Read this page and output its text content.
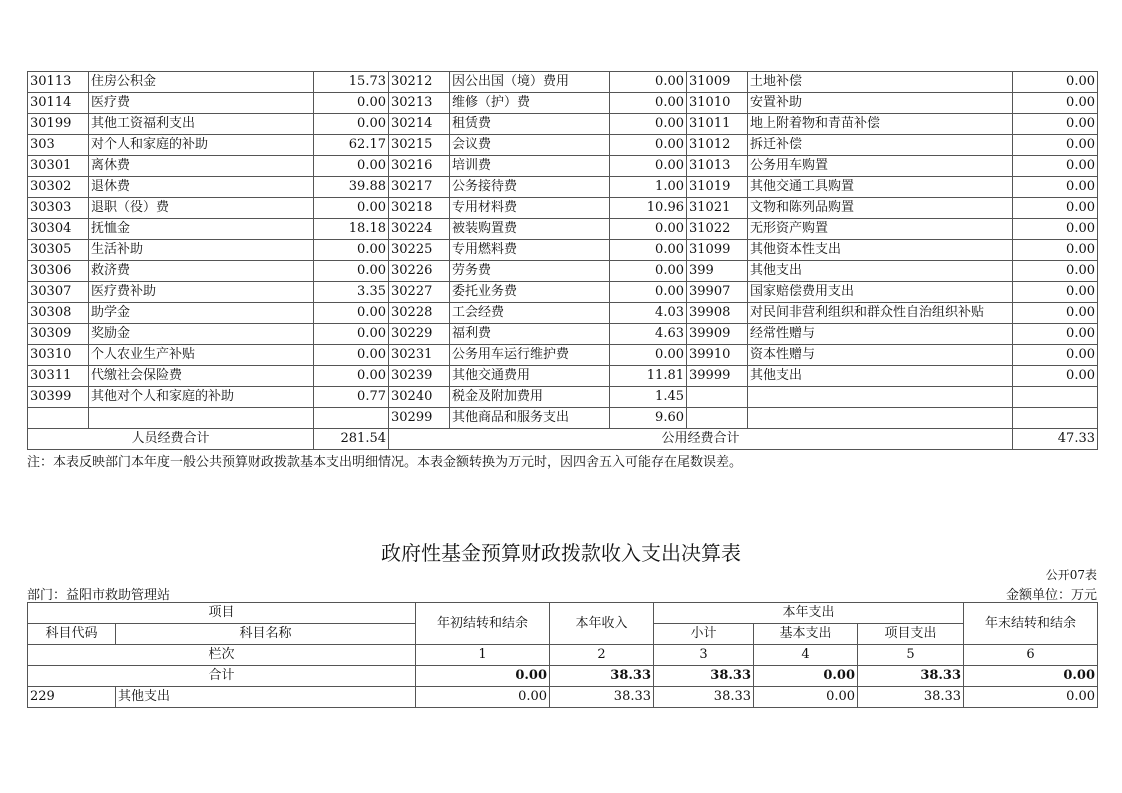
30113	住房公积金	15.73	30212	因公出国（境）费用	0.00	31009	土地补偿	0.00
30114	医疗费	0.00	30213	维修（护）费	0.00	31010	安置补助	0.00
30199	其他工资福利支出	0.00	30214	租赁费	0.00	31011	地上附着物和青苗补偿	0.00
303	对个人和家庭的补助	62.17	30215	会议费	0.00	31012	拆迁补偿	0.00
30301	离休费	0.00	30216	培训费	0.00	31013	公务用车购置	0.00
30302	退休费	39.88	30217	公务接待费	1.00	31019	其他交通工具购置	0.00
30303	退职（役）费	0.00	30218	专用材料费	10.96	31021	文物和陈列品购置	0.00
30304	抚恤金	18.18	30224	被装购置费	0.00	31022	无形资产购置	0.00
30305	生活补助	0.00	30225	专用燃料费	0.00	31099	其他资本性支出	0.00
30306	救济费	0.00	30226	劳务费	0.00	399	其他支出	0.00
30307	医疗费补助	3.35	30227	委托业务费	0.00	39907	国家赔偿费用支出	0.00
30308	助学金	0.00	30228	工会经费	4.03	39908	对民间非营利组织和群众性自治组织补贴	0.00
30309	奖励金	0.00	30229	福利费	4.63	39909	经常性赠与	0.00
30310	个人农业生产补贴	0.00	30231	公务用车运行维护费	0.00	39910	资本性赠与	0.00
30311	代缴社会保险费	0.00	30239	其他交通费用	11.81	39999	其他支出	0.00
30399	其他对个人和家庭的补助	0.77	30240	税金及附加费用	1.45			
			30299	其他商品和服务支出	9.60			
人员经费合计		281.54	公用经费合计					47.33
注：本表反映部门本年度一般公共预算财政拨款基本支出明细情况。本表金额转换为万元时，因四舍五入可能存在尾数误差。
政府性基金预算财政拨款收入支出决算表
公开07表
部门：益阳市救助管理站	金额单位：万元
项目		年初结转和结余	本年收入	本年支出			年末结转和结余
科目代码	科目名称			小计	基本支出	项目支出	
栏次		1	2	3	4	5	6
合计		0.00	38.33	38.33	0.00	38.33	0.00
229	其他支出	0.00	38.33	38.33	0.00	38.33	0.00
